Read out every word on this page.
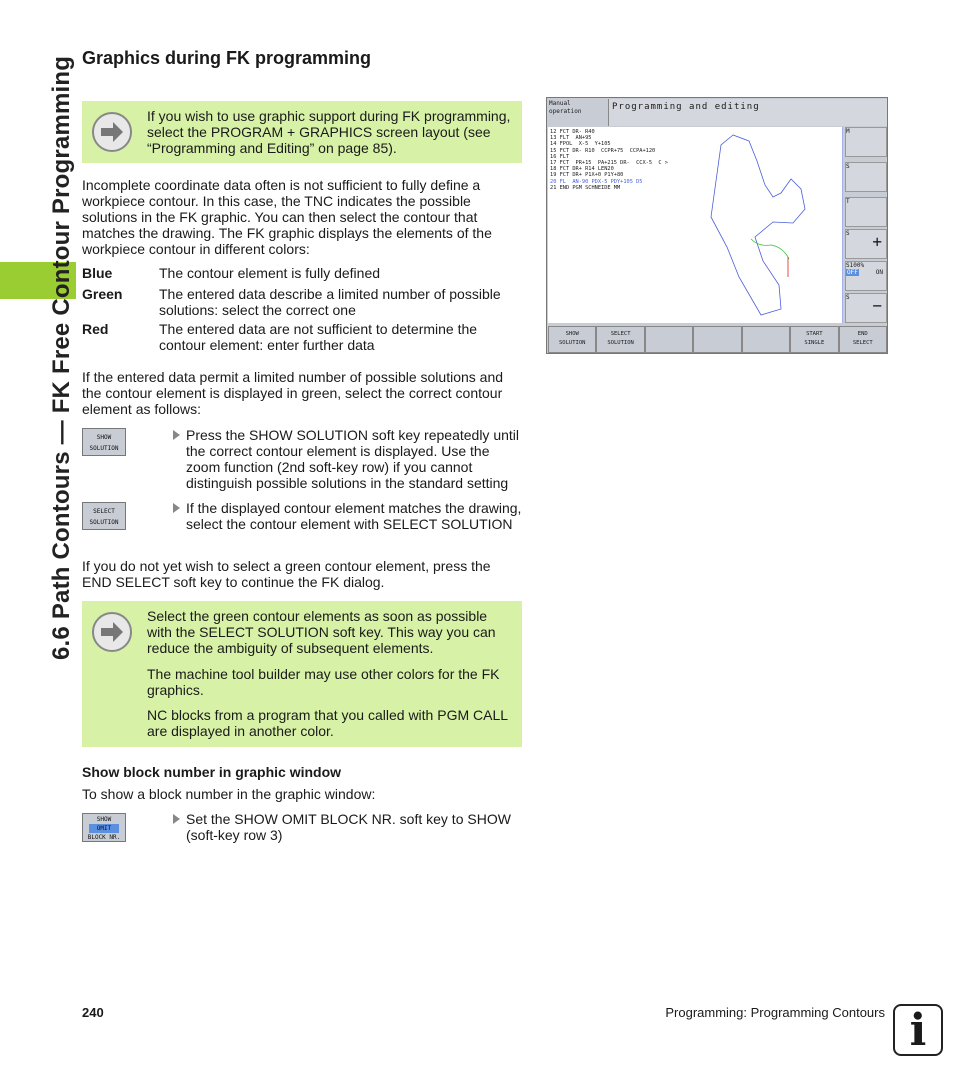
6.6 Path Contours — FK Free Contour Programming Graphics during FK programming

If you wish to use graphic support during FK programming, select the PROGRAM + GRAPHICS screen layout (see “Programming and Editing” on page 85).

Incomplete coordinate data often is not sufficient to fully define a workpiece contour. In this case, the TNC indicates the possible solutions in the FK graphic. You can then select the contour that matches the drawing. The FK graphic displays the elements of the workpiece contour in different colors:

Blue	The contour element is fully defined
Green	The entered data describe a limited number of possible solutions: select the correct one
Red	The entered data are not sufficient to determine the contour element: enter further data

If the entered data permit a limited number of possible solutions and the contour element is displayed in green, select the correct contour element as follows:

SHOW
SOLUTION
Press the SHOW SOLUTION soft key repeatedly until the correct contour element is displayed. Use the zoom function (2nd soft-key row) if you cannot distinguish possible solutions in the standard setting
SELECT
SOLUTION
If the displayed contour element matches the drawing, select the contour element with SELECT SOLUTION

If you do not yet wish to select a green contour element, press the END SELECT soft key to continue the FK dialog.

Select the green contour elements as soon as possible with the SELECT SOLUTION soft key. This way you can reduce the ambiguity of subsequent elements.

The machine tool builder may use other colors for the FK graphics.

NC blocks from a program that you called with PGM CALL are displayed in another color.

Show block number in graphic window

To show a block number in the graphic window:

SHOW
OMIT
BLOCK NR.
Set the SHOW OMIT BLOCK NR. soft key to SHOW (soft-key row 3)
Manual
operation	Programming and editing
12 FCT DR- R40
13 FLT  AN+95
14 FPOL  X-5  Y+105
15 FCT DR- R10  CCPR+75  CCPA+120
16 FLT
17 FCT  PR+15  PA+215 DR-  CCX-5  C >
18 FCT DR+ R14 LEN20
19 FCT DR+ P1X+0 P1Y+80
20 FL  AN-90 PDX-5 PDY+105 D5
21 END PGM SCHNEIDE MM
M
S
T
S +
S100%
OFF	ON
S −
SHOW
SOLUTION
SELECT
SOLUTION
START
SINGLE
END
SELECT
240	Programming: Programming Contours i
